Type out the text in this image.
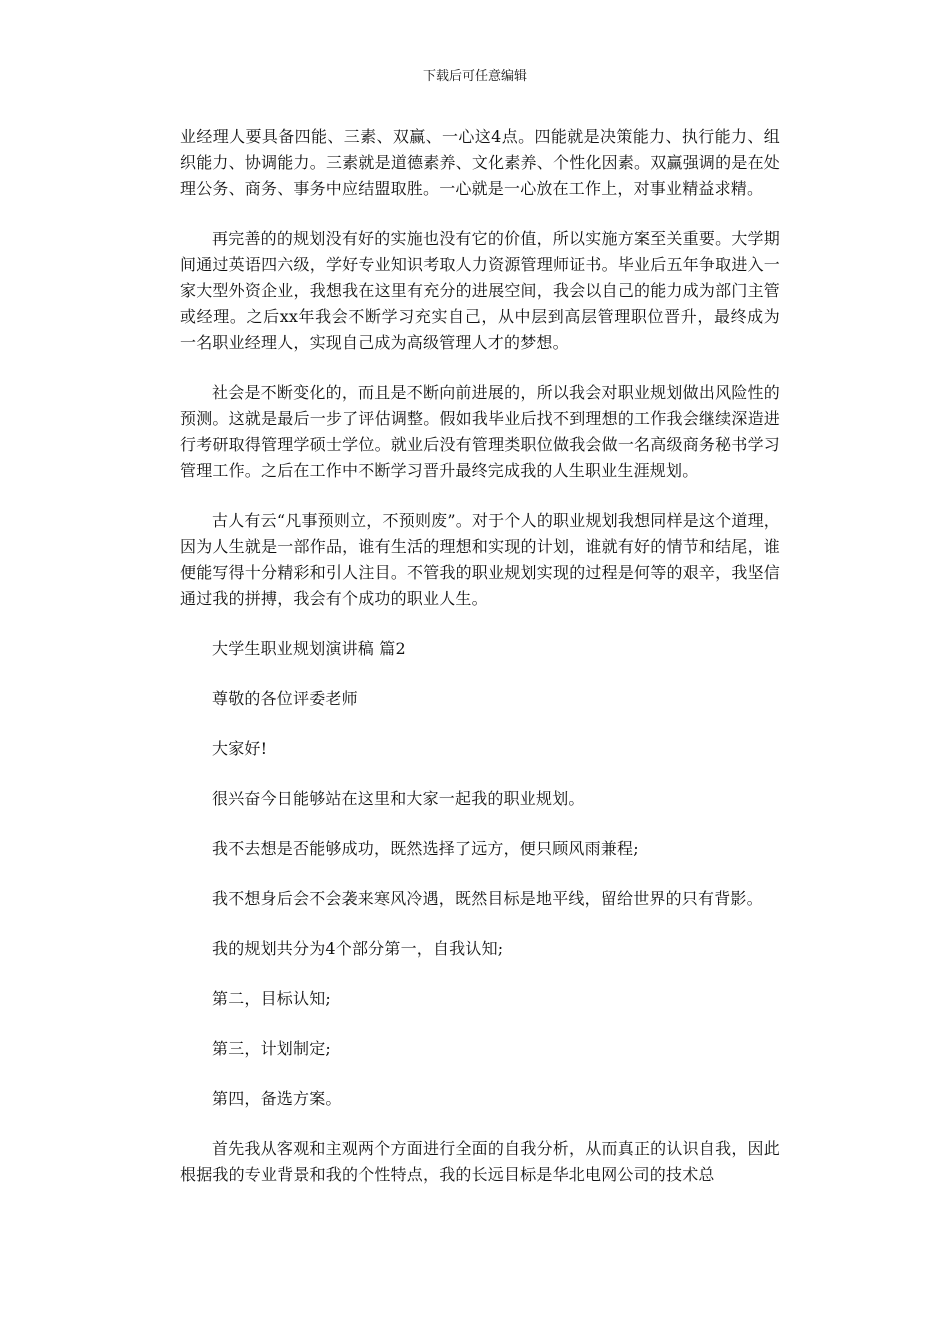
下载后可任意编辑

业经理人要具备四能、三素、双赢、一心这4点。四能就是决策能力、执行能力、组织能力、协调能力。三素就是道德素养、文化素养、个性化因素。双赢强调的是在处理公务、商务、事务中应结盟取胜。一心就是一心放在工作上，对事业精益求精。

再完善的的规划没有好的实施也没有它的价值，所以实施方案至关重要。大学期间通过英语四六级，学好专业知识考取人力资源管理师证书。毕业后五年争取进入一家大型外资企业，我想我在这里有充分的进展空间，我会以自己的能力成为部门主管或经理。之后xx年我会不断学习充实自己，从中层到高层管理职位晋升，最终成为一名职业经理人，实现自己成为高级管理人才的梦想。

社会是不断变化的，而且是不断向前进展的，所以我会对职业规划做出风险性的预测。这就是最后一步了评估调整。假如我毕业后找不到理想的工作我会继续深造进行考研取得管理学硕士学位。就业后没有管理类职位做我会做一名高级商务秘书学习管理工作。之后在工作中不断学习晋升最终完成我的人生职业生涯规划。

古人有云“凡事预则立，不预则废”。对于个人的职业规划我想同样是这个道理，因为人生就是一部作品，谁有生活的理想和实现的计划，谁就有好的情节和结尾，谁便能写得十分精彩和引人注目。不管我的职业规划实现的过程是何等的艰辛，我坚信通过我的拼搏，我会有个成功的职业人生。

大学生职业规划演讲稿 篇2

尊敬的各位评委老师

大家好!

很兴奋今日能够站在这里和大家一起我的职业规划。

我不去想是否能够成功，既然选择了远方，便只顾风雨兼程;

我不想身后会不会袭来寒风冷遇，既然目标是地平线，留给世界的只有背影。

我的规划共分为4个部分第一，自我认知;

第二，目标认知;

第三，计划制定;

第四，备选方案。

首先我从客观和主观两个方面进行全面的自我分析，从而真正的认识自我，因此根据我的专业背景和我的个性特点，我的长远目标是华北电网公司的技术总
